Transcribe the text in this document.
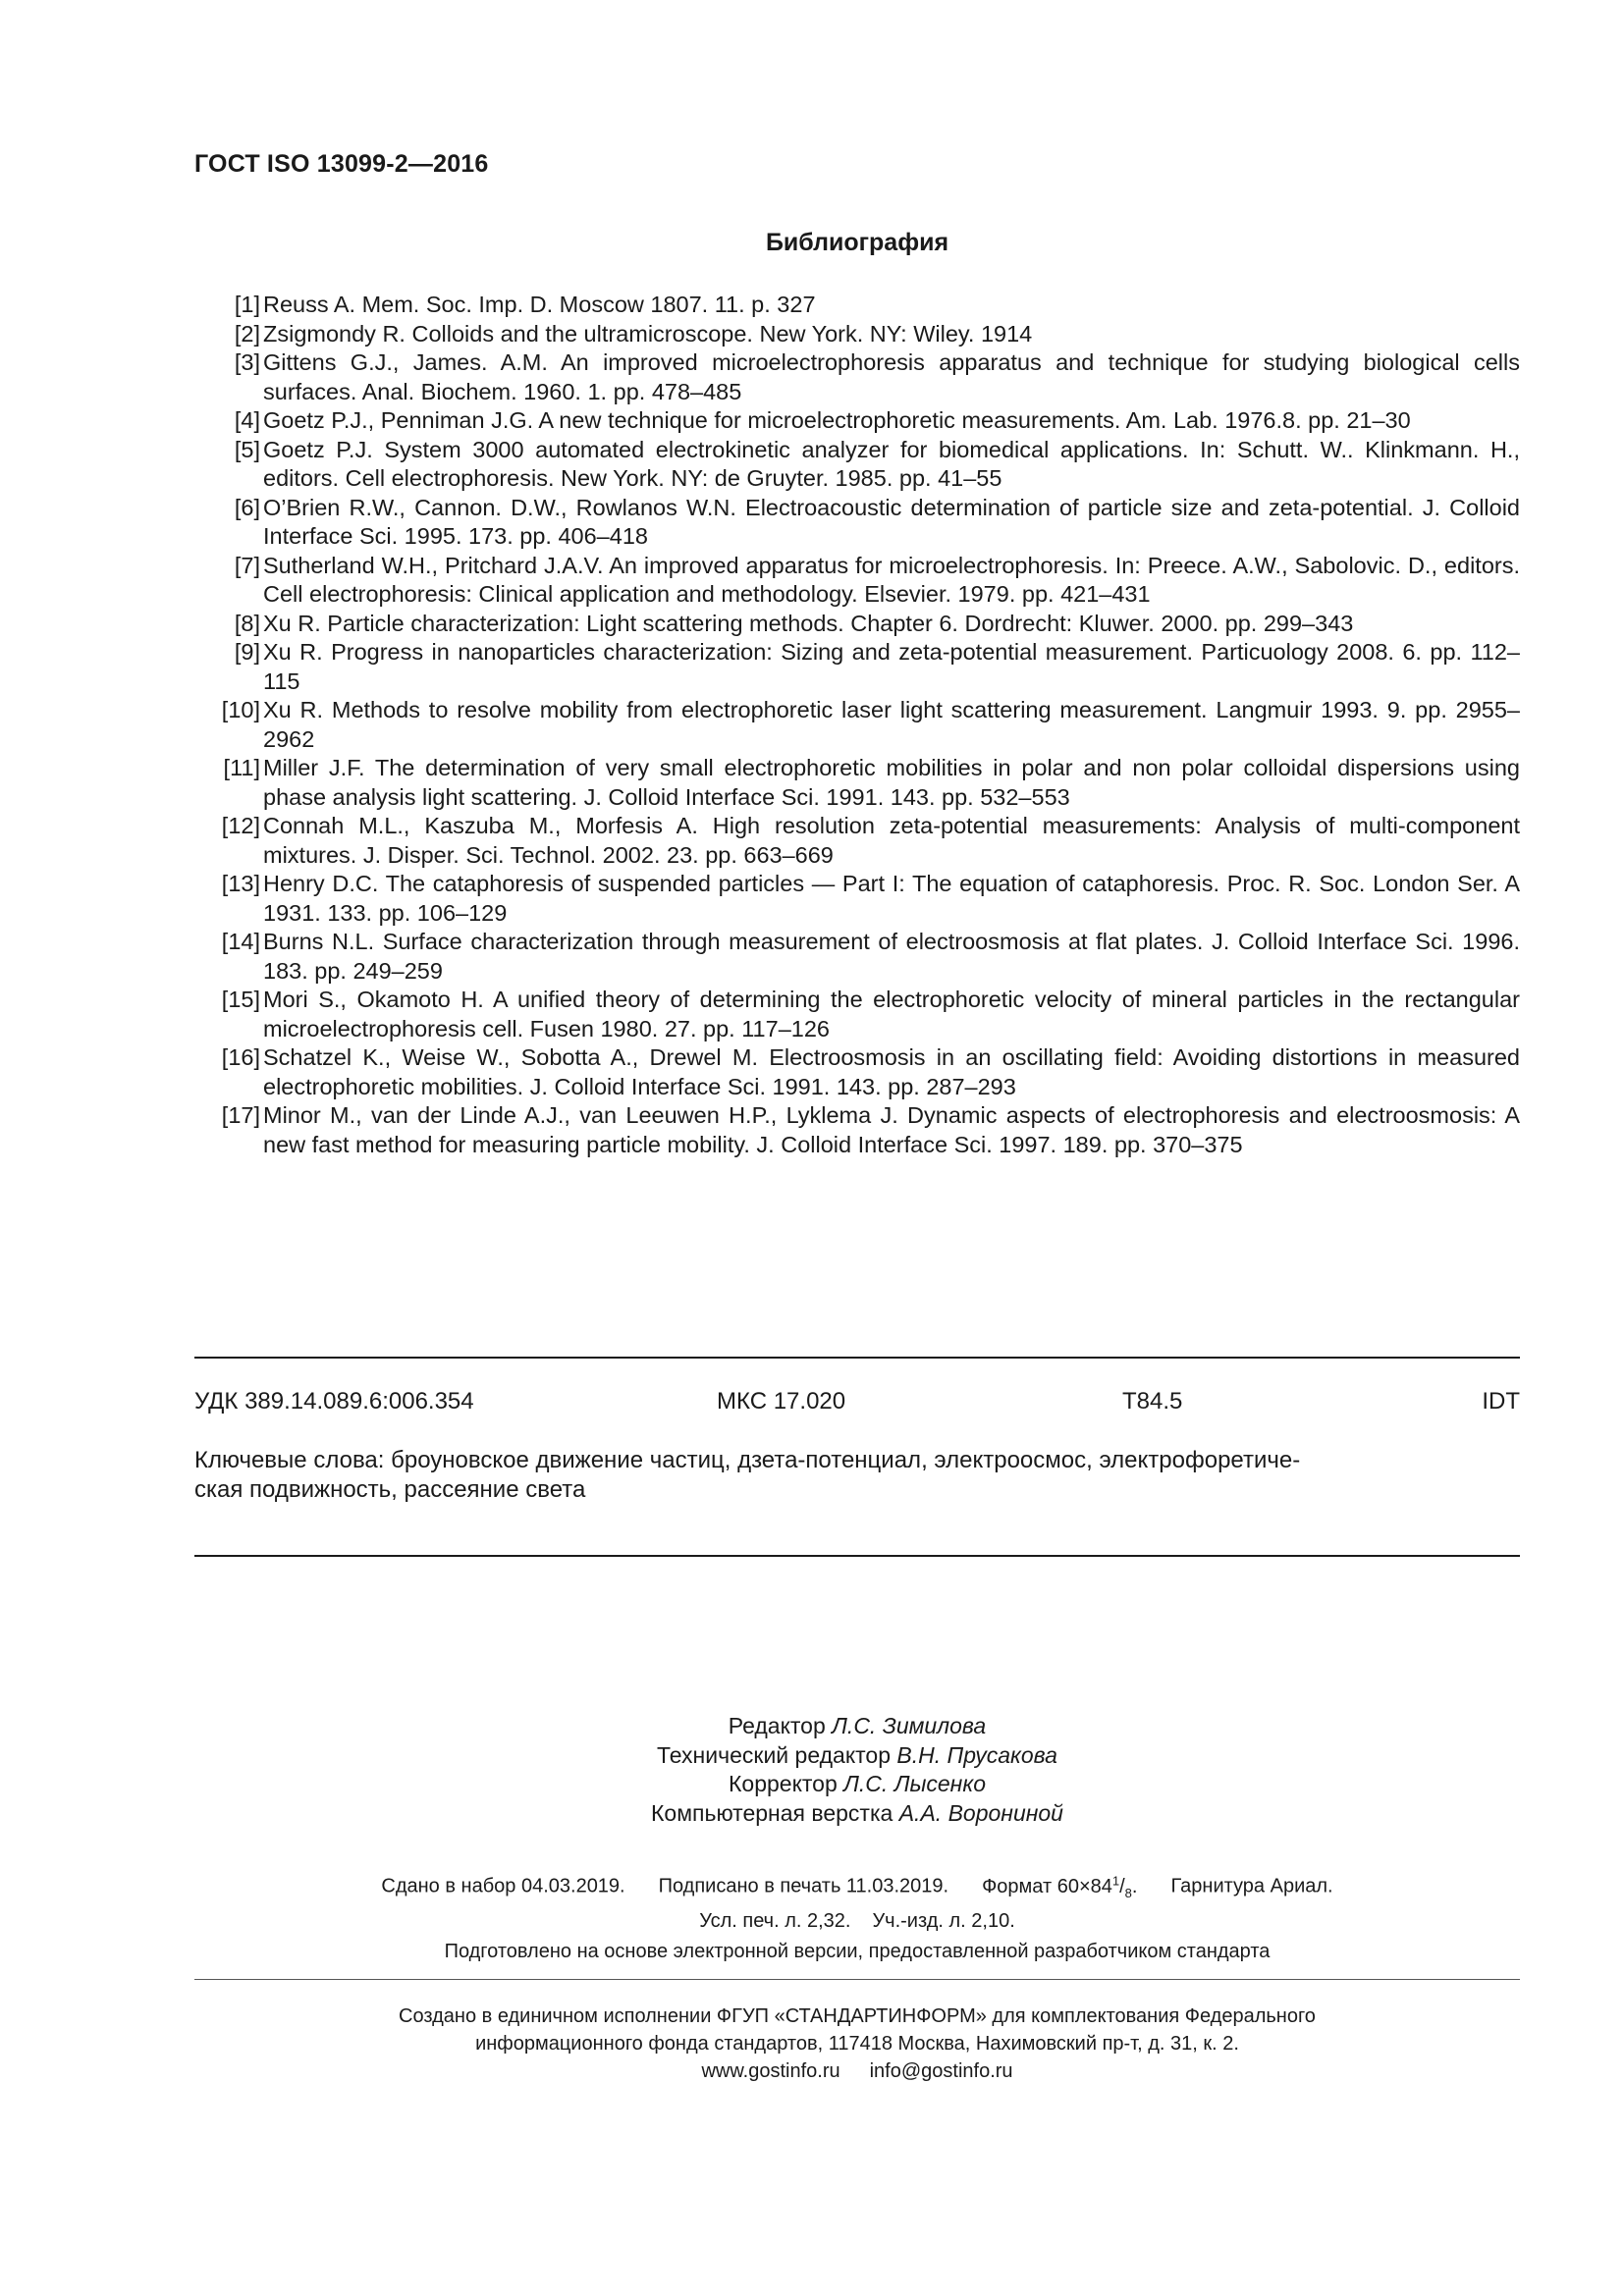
ГОСТ ISO 13099-2—2016
Библиография
[1] Reuss A. Mem. Soc. Imp. D. Moscow 1807. 11. p. 327
[2] Zsigmondy R. Colloids and the ultramicroscope. New York. NY: Wiley. 1914
[3] Gittens G.J., James. A.M. An improved microelectrophoresis apparatus and technique for studying biological cells surfaces. Anal. Biochem. 1960. 1. pp. 478–485
[4] Goetz P.J., Penniman J.G. A new technique for microelectrophoretic measurements. Am. Lab. 1976.8. pp. 21–30
[5] Goetz P.J. System 3000 automated electrokinetic analyzer for biomedical applications. In: Schutt. W.. Klinkmann. H., editors. Cell electrophoresis. New York. NY: de Gruyter. 1985. pp. 41–55
[6] O’Brien R.W., Cannon. D.W., Rowlanos W.N. Electroacoustic determination of particle size and zeta-potential. J. Colloid Interface Sci. 1995. 173. pp. 406–418
[7] Sutherland W.H., Pritchard J.A.V. An improved apparatus for microelectrophoresis. In: Preece. A.W., Sabolovic. D., editors. Cell electrophoresis: Clinical application and methodology. Elsevier. 1979. pp. 421–431
[8] Xu R. Particle characterization: Light scattering methods. Chapter 6. Dordrecht: Kluwer. 2000. pp. 299–343
[9] Xu R. Progress in nanoparticles characterization: Sizing and zeta-potential measurement. Particuology 2008. 6. pp. 112–115
[10] Xu R. Methods to resolve mobility from electrophoretic laser light scattering measurement. Langmuir 1993. 9. pp. 2955–2962
[11] Miller J.F. The determination of very small electrophoretic mobilities in polar and non polar colloidal dispersions using phase analysis light scattering. J. Colloid Interface Sci. 1991. 143. pp. 532–553
[12] Connah M.L., Kaszuba M., Morfesis A. High resolution zeta-potential measurements: Analysis of multi-component mixtures. J. Disper. Sci. Technol. 2002. 23. pp. 663–669
[13] Henry D.C. The cataphoresis of suspended particles — Part I: The equation of cataphoresis. Proc. R. Soc. London Ser. A 1931. 133. pp. 106–129
[14] Burns N.L. Surface characterization through measurement of electroosmosis at flat plates. J. Colloid Interface Sci. 1996. 183. pp. 249–259
[15] Mori S., Okamoto H. A unified theory of determining the electrophoretic velocity of mineral particles in the rectangular microelectrophoresis cell. Fusen 1980. 27. pp. 117–126
[16] Schatzel K., Weise W., Sobotta A., Drewel M. Electroosmosis in an oscillating field: Avoiding distortions in measured electrophoretic mobilities. J. Colloid Interface Sci. 1991. 143. pp. 287–293
[17] Minor M., van der Linde A.J., van Leeuwen H.P., Lyklema J. Dynamic aspects of electrophoresis and electroosmosis: A new fast method for measuring particle mobility. J. Colloid Interface Sci. 1997. 189. pp. 370–375
УДК 389.14.089.6:006.354	МКС 17.020	Т84.5	IDT
Ключевые слова: броуновское движение частиц, дзета-потенциал, электроосмос, электрофоретиче-
ская подвижность, рассеяние света
Редактор Л.С. Зимилова
Технический редактор В.Н. Прусакова
Корректор Л.С. Лысенко
Компьютерная верстка А.А. Ворониной
Сдано в набор 04.03.2019. Подписано в печать 11.03.2019. Формат $60\times 84^1/_8$. Гарнитура Ариал.
Усл. печ. л. 2,32. Уч.-изд. л. 2,10.
Подготовлено на основе электронной версии, предоставленной разработчиком стандарта
Создано в единичном исполнении ФГУП «СТАНДАРТИНФОРМ» для комплектования Федерального
информационного фонда стандартов, 117418 Москва, Нахимовский пр-т, д. 31, к. 2.
www.gostinfo.ru info@gostinfo.ru
